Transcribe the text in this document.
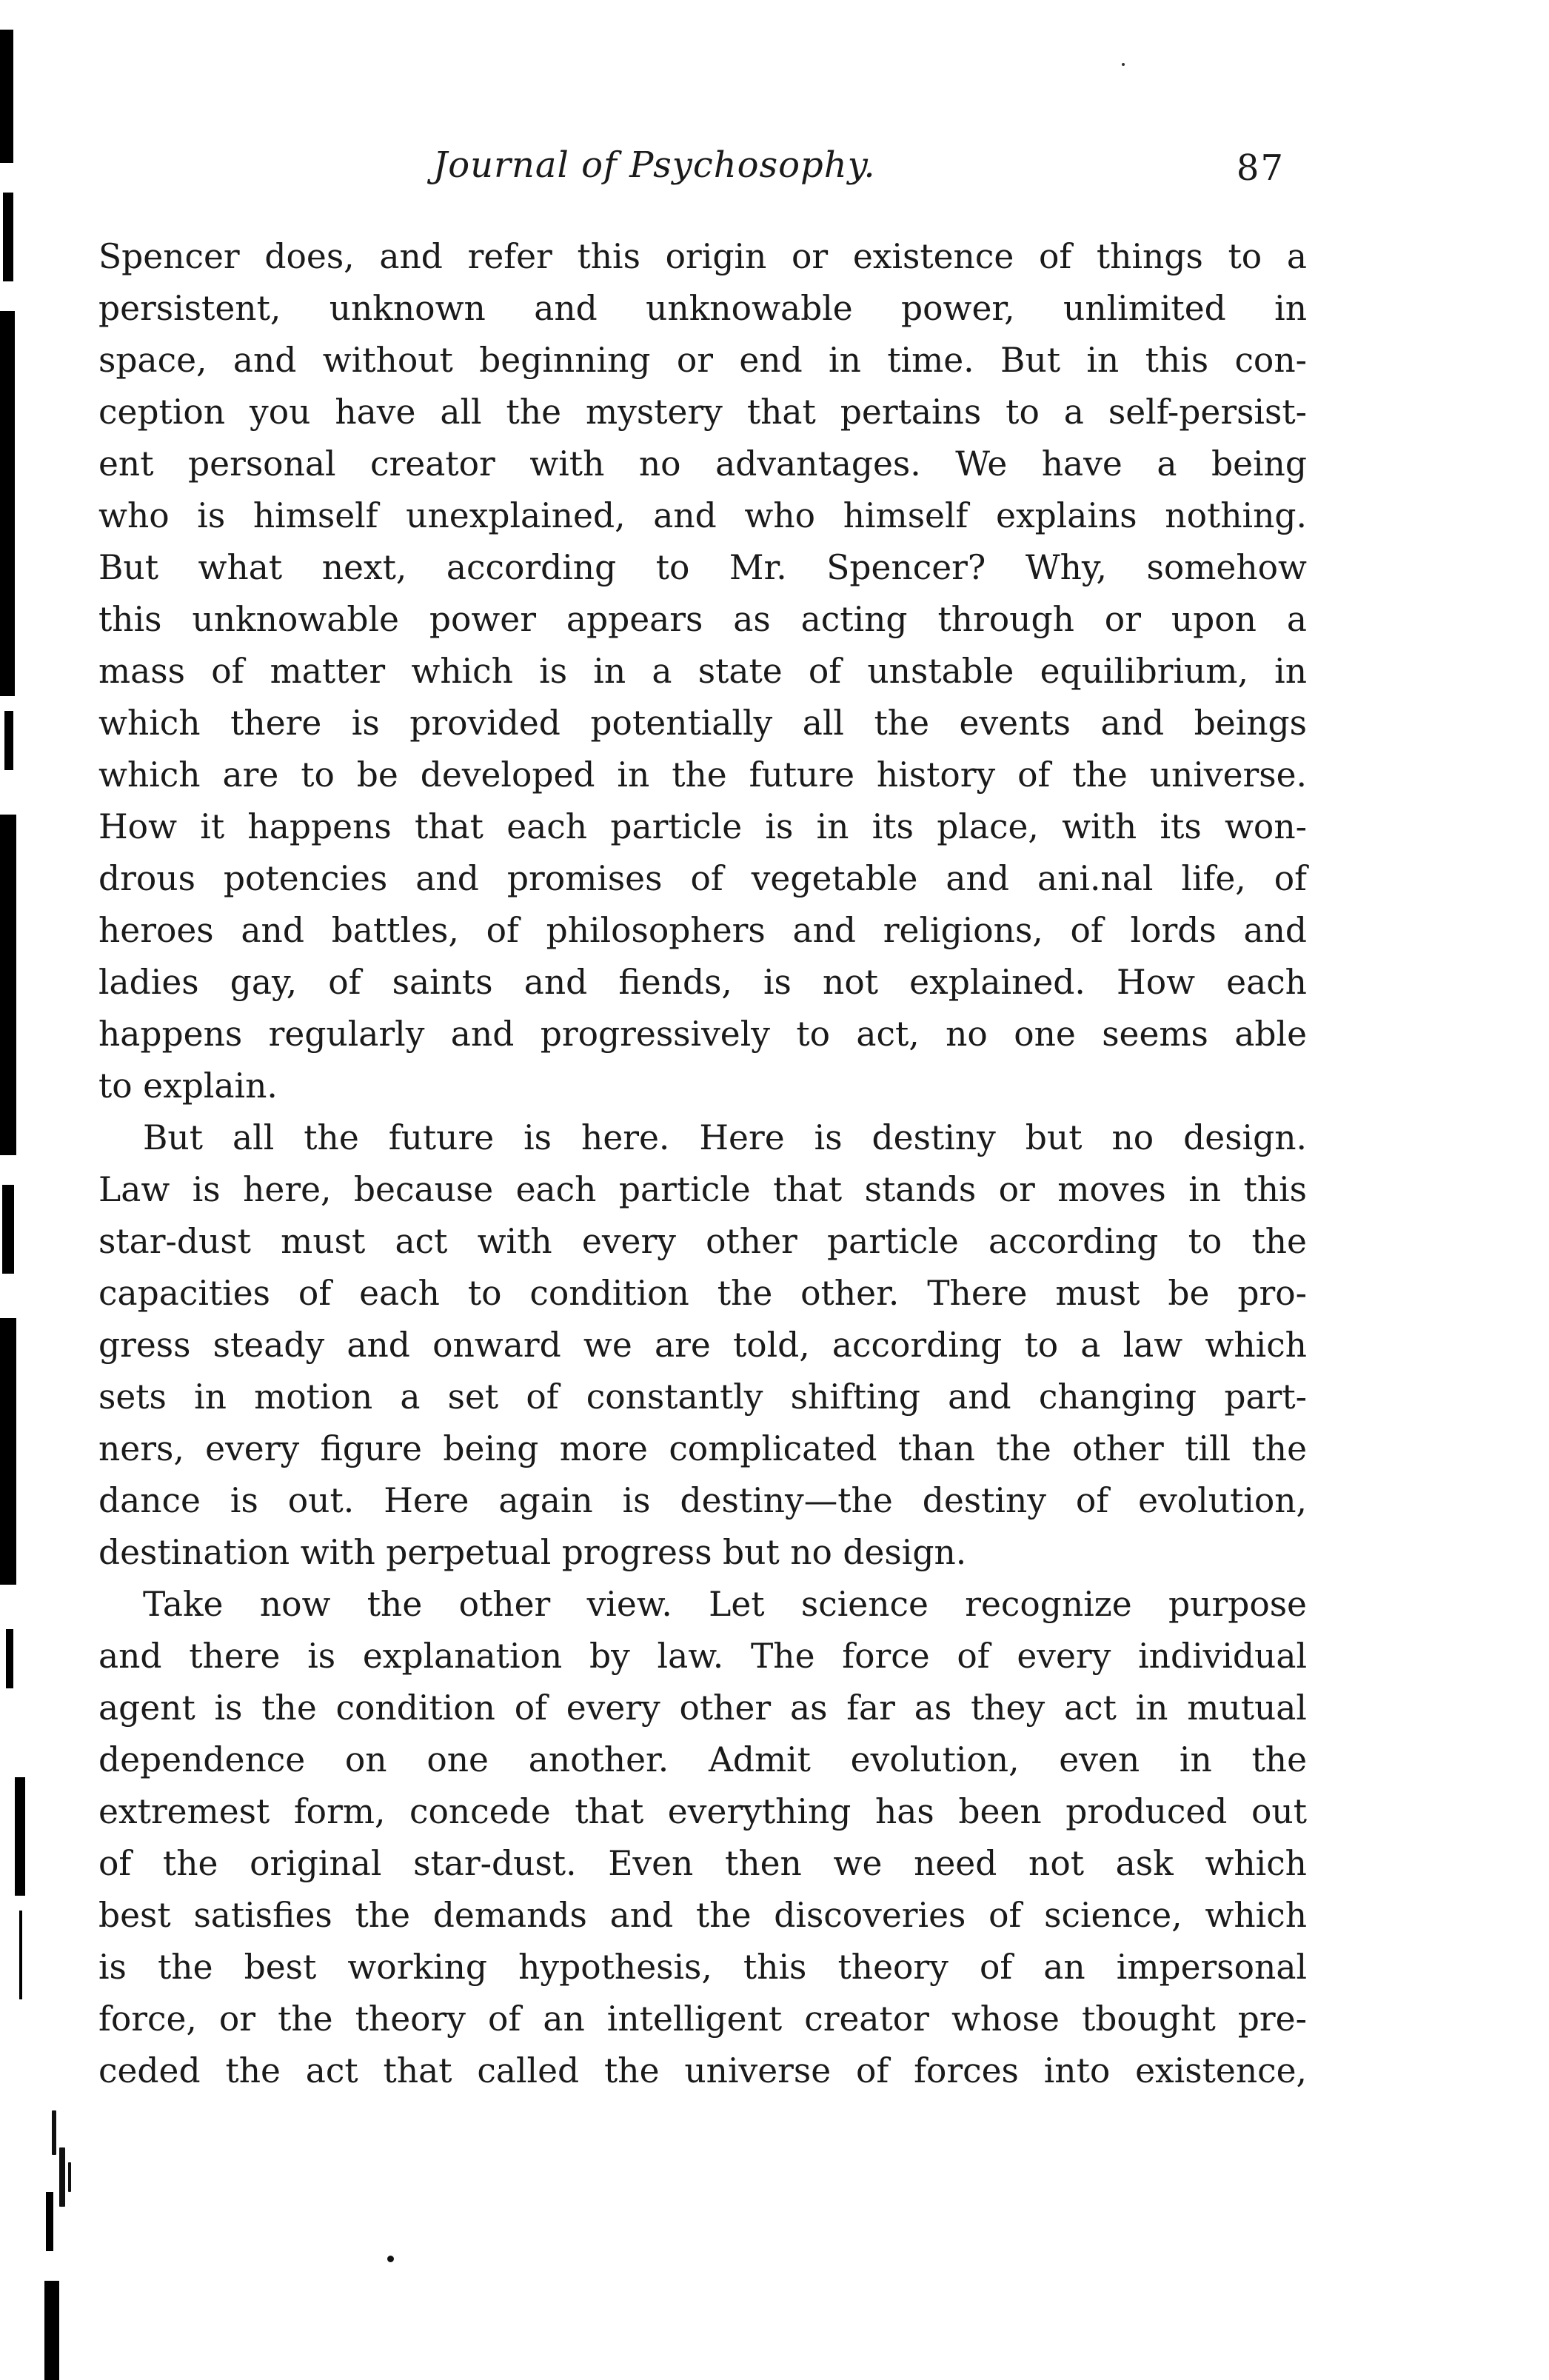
Journal of Psychosophy.	87
Spencer does, and refer this origin or existence of things to a
persistent, unknown and unknowable power, unlimited in
space, and without beginning or end in time. But in this con-
ception you have all the mystery that pertains to a self-persist-
ent personal creator with no advantages. We have a being
who is himself unexplained, and who himself explains nothing.
But what next, according to Mr. Spencer? Why, somehow
this unknowable power appears as acting through or upon a
mass of matter which is in a state of unstable equilibrium, in
which there is provided potentially all the events and beings
which are to be developed in the future history of the universe.
How it happens that each particle is in its place, with its won-
drous potencies and promises of vegetable and ani.nal life, of
heroes and battles, of philosophers and religions, of lords and
ladies gay, of saints and fiends, is not explained. How each
happens regularly and progressively to act, no one seems able
to explain.
But all the future is here. Here is destiny but no design.
Law is here, because each particle that stands or moves in this
star-dust must act with every other particle according to the
capacities of each to condition the other. There must be pro-
gress steady and onward we are told, according to a law which
sets in motion a set of constantly shifting and changing part-
ners, every figure being more complicated than the other till the
dance is out. Here again is destiny—the destiny of evolution,
destination with perpetual progress but no design.
Take now the other view. Let science recognize purpose
and there is explanation by law. The force of every individual
agent is the condition of every other as far as they act in mutual
dependence on one another. Admit evolution, even in the
extremest form, concede that everything has been produced out
of the original star-dust. Even then we need not ask which
best satisfies the demands and the discoveries of science, which
is the best working hypothesis, this theory of an impersonal
force, or the theory of an intelligent creator whose tbought pre-
ceded the act that called the universe of forces into existence,
